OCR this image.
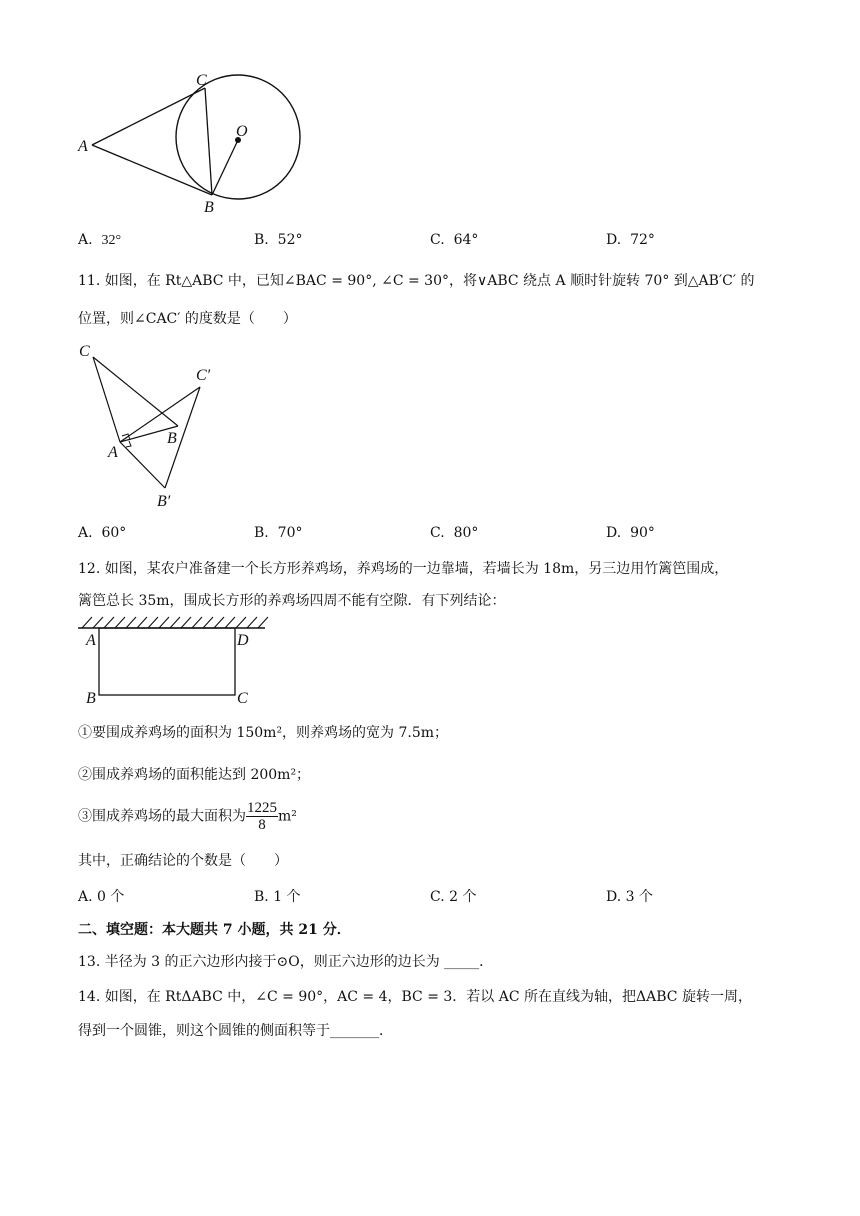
A
B
C
O
A. 32°	B. 52°	C. 64°	D. 72°
11. 如图，在 Rt△ABC 中，已知∠BAC = 90°, ∠C = 30°，将∨ABC 绕点 A 顺时针旋转 70° 到△AB′C′ 的
位置，则∠CAC′ 的度数是（　　）
C
C′
A
B
B′
A. 60°	B. 70°	C. 80°	D. 90°
12. 如图，某农户准备建一个长方形养鸡场，养鸡场的一边靠墙，若墙长为 18m，另三边用竹篱笆围成，
篱笆总长 35m，围成长方形的养鸡场四周不能有空隙．有下列结论：
A	D
B	C
①要围成养鸡场的面积为 150m²，则养鸡场的宽为 7.5m；
②围成养鸡场的面积能达到 200m²；
③围成养鸡场的最大面积为 $\frac{1225}{8} m^2$
其中，正确结论的个数是（　　）
A. 0 个	B. 1 个	C. 2 个	D. 3 个
二、填空题：本大题共 7 小题，共 21 分．
13. 半径为 3 的正六边形内接于⊙O，则正六边形的边长为 _____．
14. 如图，在 RtΔABC 中，∠C = 90°，AC = 4，BC = 3．若以 AC 所在直线为轴，把ΔABC 旋转一周，
得到一个圆锥，则这个圆锥的侧面积等于_______．
